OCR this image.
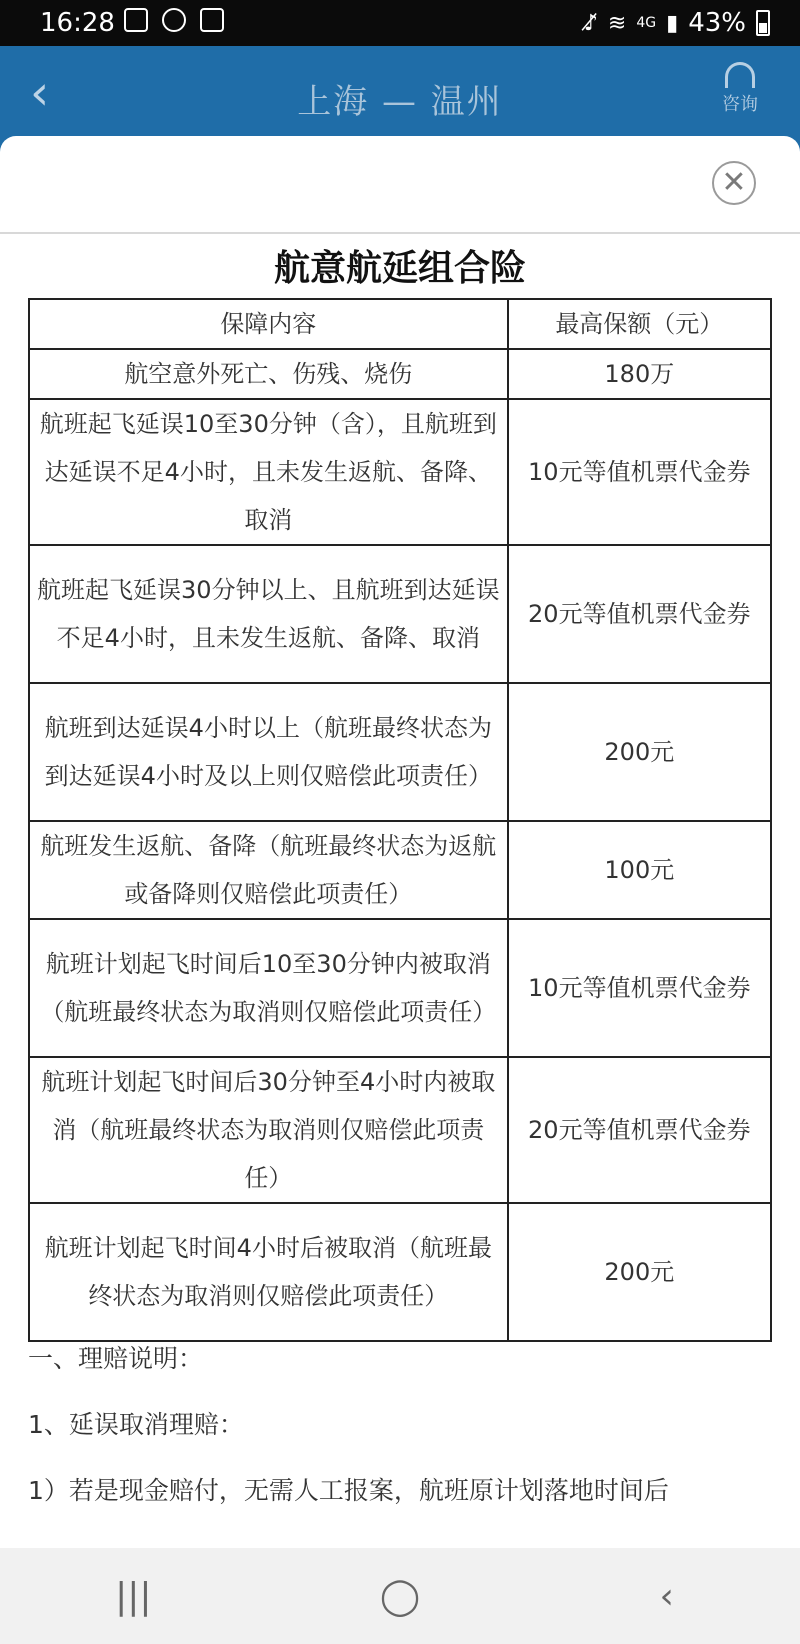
16:28	♪̸ ≋ 4G ▮ 43%
‹	上海 — 温州	咨询
✕
航意航延组合险
保障内容	最高保额（元）
航空意外死亡、伤残、烧伤	180万
航班起飞延误10至30分钟（含），且航班到达延误不足4小时，且未发生返航、备降、取消	10元等值机票代金券
航班起飞延误30分钟以上、且航班到达延误不足4小时，且未发生返航、备降、取消	20元等值机票代金券
航班到达延误4小时以上（航班最终状态为到达延误4小时及以上则仅赔偿此项责任）	200元
航班发生返航、备降（航班最终状态为返航或备降则仅赔偿此项责任）	100元
航班计划起飞时间后10至30分钟内被取消（航班最终状态为取消则仅赔偿此项责任）	10元等值机票代金券
航班计划起飞时间后30分钟至4小时内被取消（航班最终状态为取消则仅赔偿此项责任）	20元等值机票代金券
航班计划起飞时间4小时后被取消（航班最终状态为取消则仅赔偿此项责任）	200元

一、理赔说明：

1、延误取消理赔：

1）若是现金赔付，无需人工报案，航班原计划落地时间后

|||	◯	‹
